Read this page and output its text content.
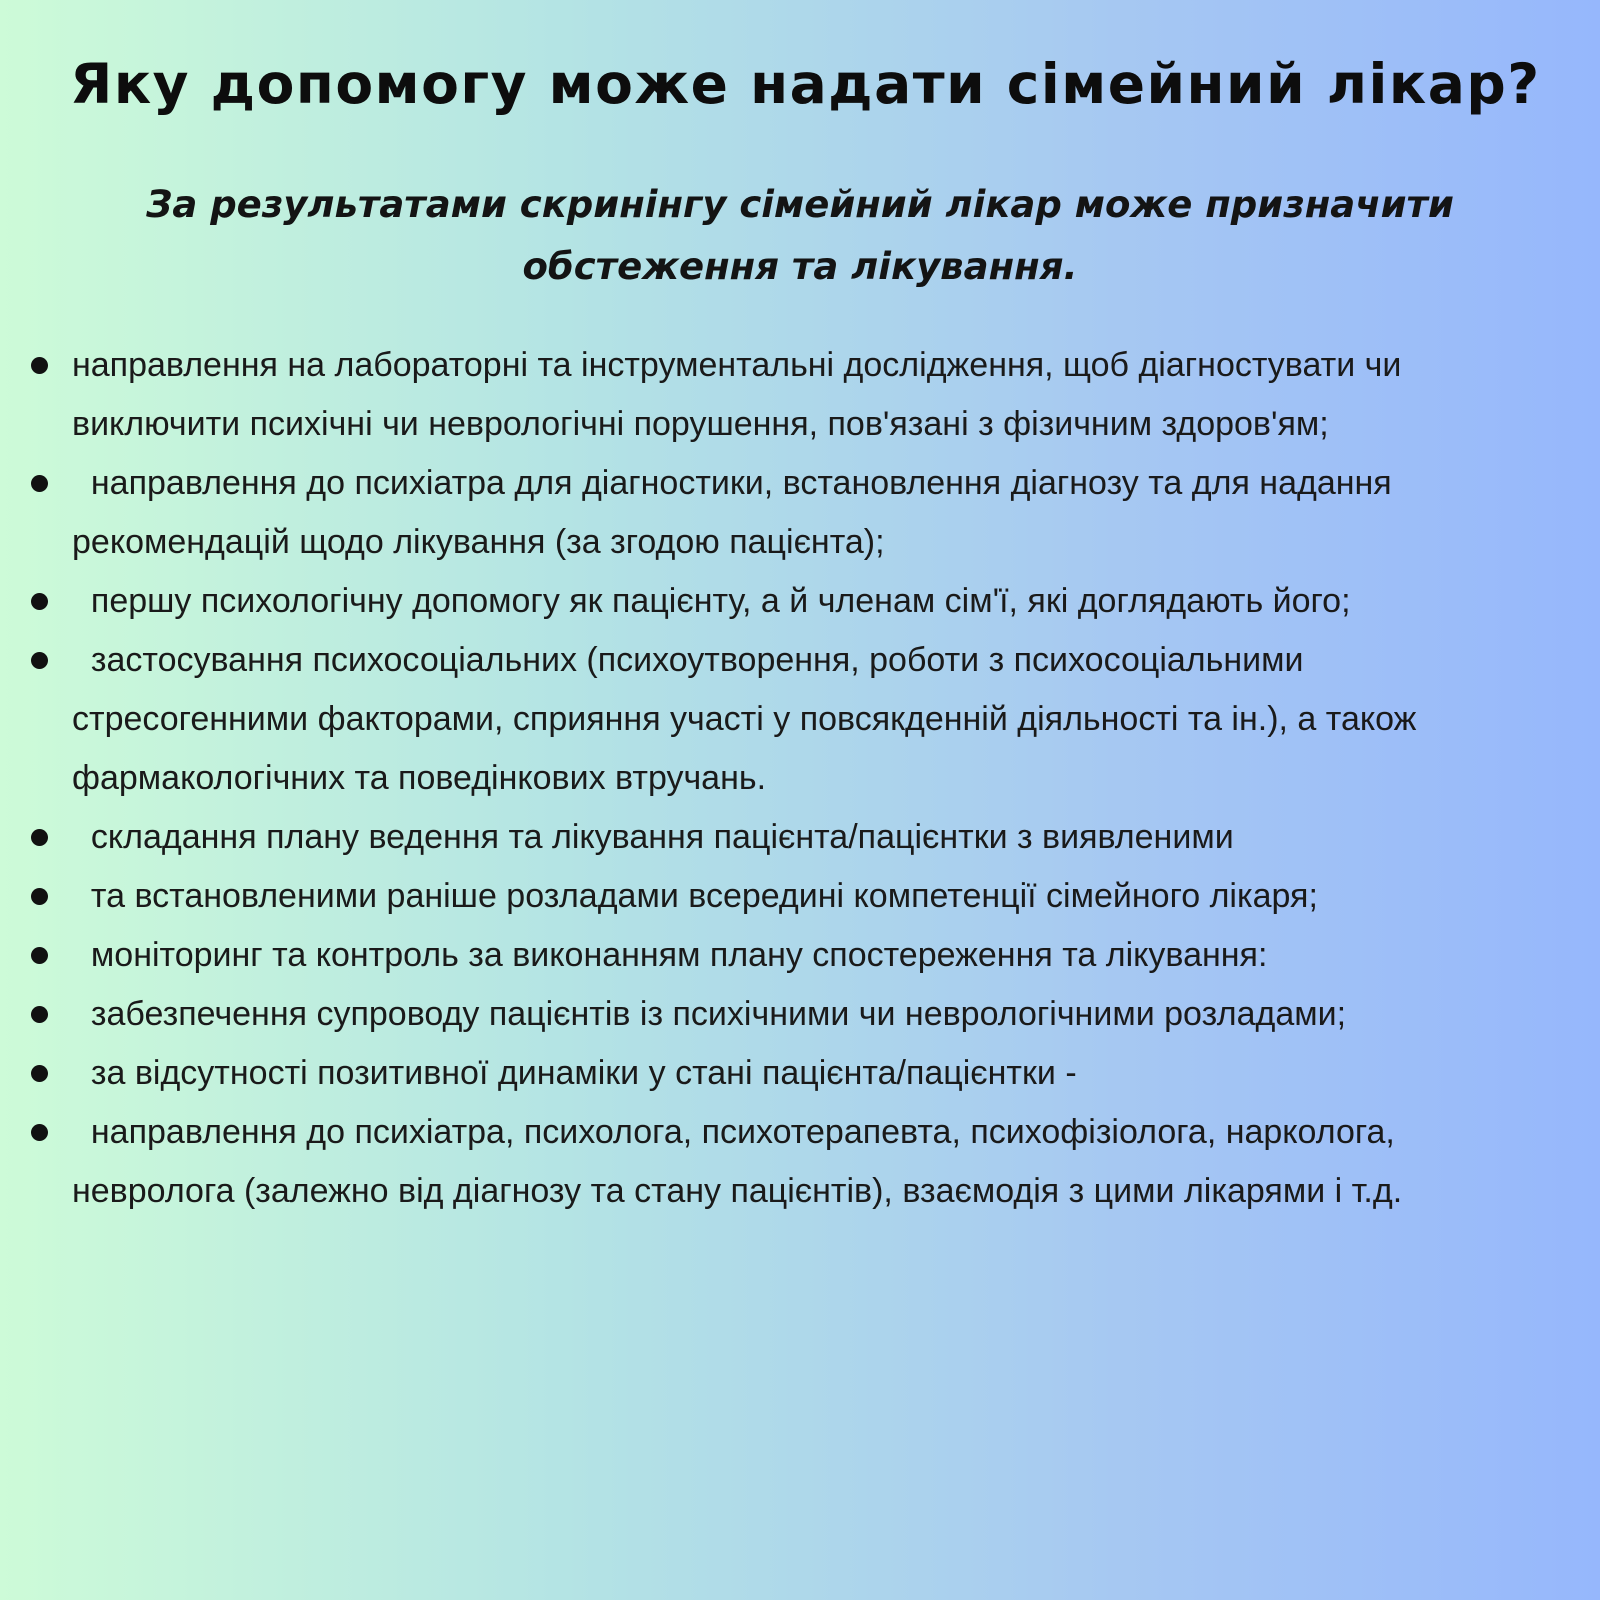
Яку допомогу може надати сімейний лікар?

За результатами скринінгу сімейний лікар може призначити обстеження та лікування.

направлення на лабораторні та інструментальні дослідження, щоб діагностувати чи виключити психічні чи неврологічні порушення, пов'язані з фізичним здоров'ям;
направлення до психіатра для діагностики, встановлення діагнозу та для надання рекомендацій щодо лікування (за згодою пацієнта);
першу психологічну допомогу як пацієнту, а й членам сім'ї, які доглядають його;
застосування психосоціальних (психоутворення, роботи з психосоціальними стресогенними факторами, сприяння участі у повсякденній діяльності та ін.), а також фармакологічних та поведінкових втручань.
складання плану ведення та лікування пацієнта/пацієнтки з виявленими
та встановленими раніше розладами всередині компетенції сімейного лікаря;
моніторинг та контроль за виконанням плану спостереження та лікування:
забезпечення супроводу пацієнтів із психічними чи неврологічними розладами;
за відсутності позитивної динаміки у стані пацієнта/пацієнтки -
направлення до психіатра, психолога, психотерапевта, психофізіолога, нарколога, невролога (залежно від діагнозу та стану пацієнтів), взаємодія з цими лікарями і т.д.
